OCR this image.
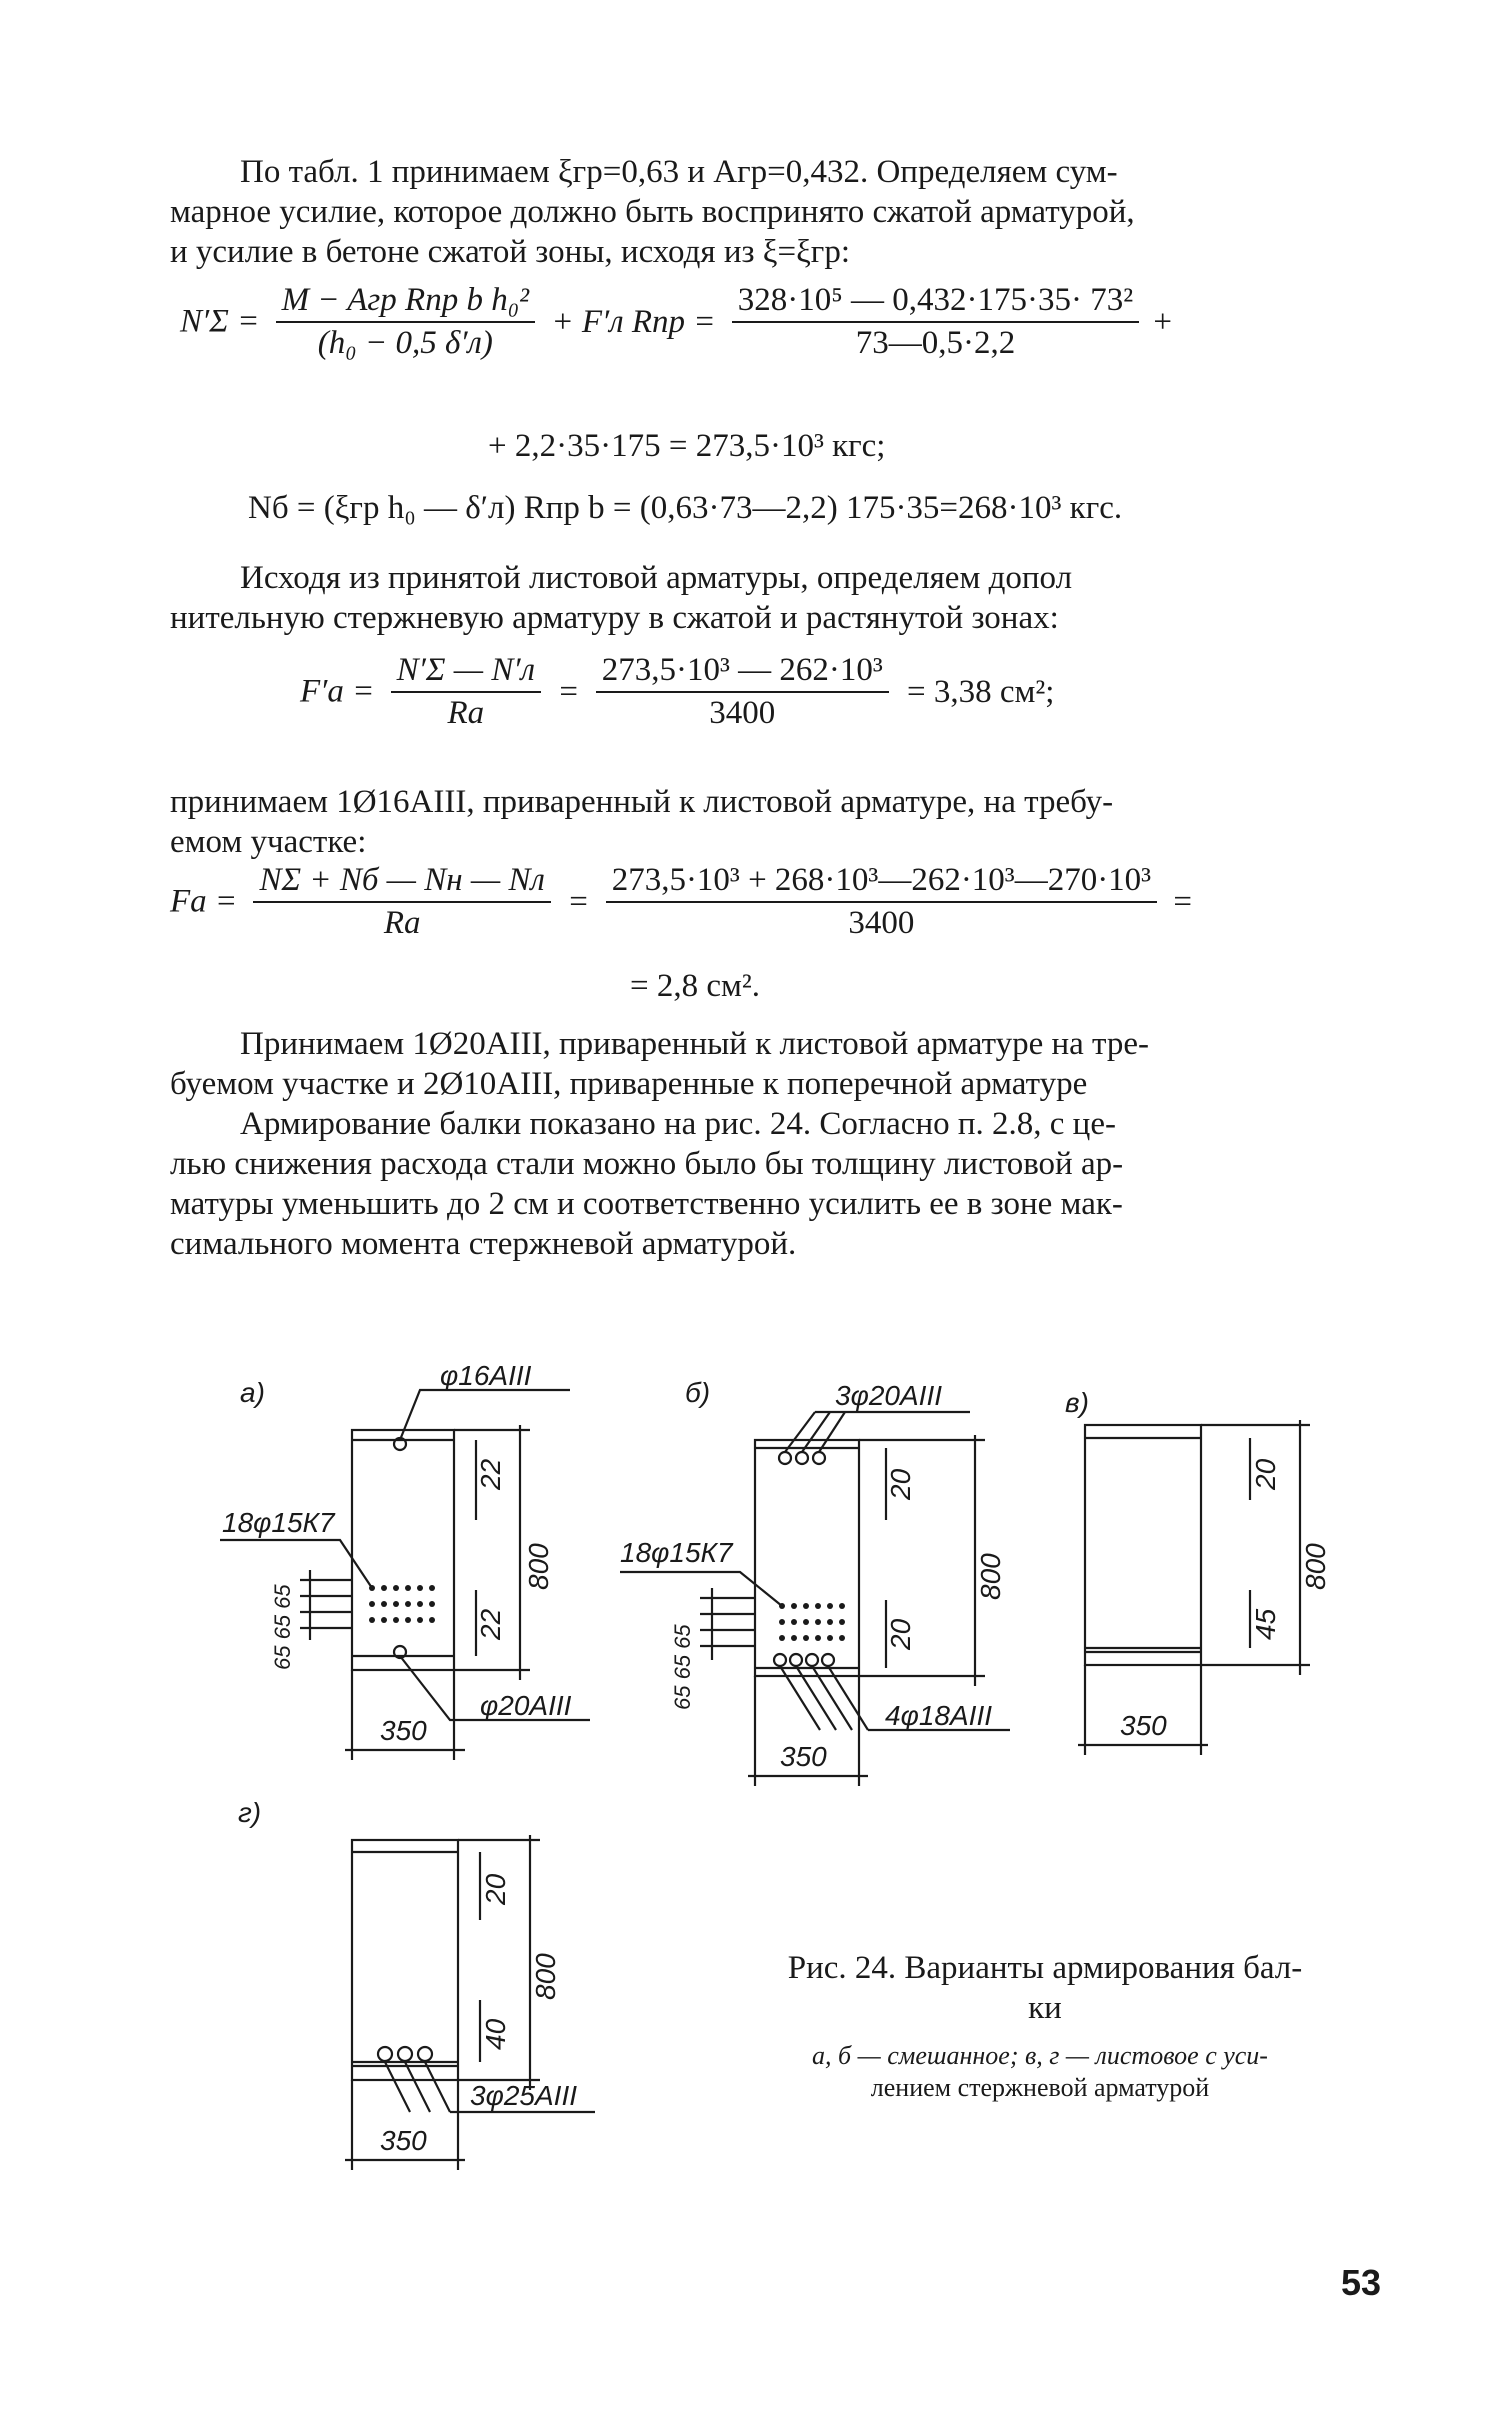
По табл. 1 принимаем ξгр=0,63 и Агр=0,432. Определяем сум-
марное усилие, которое должно быть воспринято сжатой арматурой,
и усилие в бетоне сжатой зоны, исходя из ξ=ξгр:
$N'\Sigma = \frac{\text{M − Aгр Rпр b h₀²}}{\text{(h₀ − 0,5 δ′л)}} + F'л$ Rпр = $\frac{\text{328·10⁵ — 0,432·175·35· 73²}}{73—0,5\cdot 2,2}$ +
+ 2,2·35·175 = 273,5·10³ кгс;
Nб = (ξгр h₀ — δ′л) Rпр b = (0,63·73—2,2) 175·35=268·10³ кгс.
Исходя из принятой листовой арматуры, определяем допол
нительную стержневую арматуру в сжатой и растянутой зонах:
$F'а = \frac{N'\Sigma — N'л}{Rа} = \frac{\text{273,5·10³ — 262·10³}}{3400} = 3,38$ см²;
принимаем 1Ø16АIII, приваренный к листовой арматуре, на требу-
емом участке:
Fа = $\frac{N\Sigma + Nб — Nн — Nл}{Rа} = \frac{\text{273,5·10³ + 268·10³—262·10³—270·10³}}{3400}$ =
= 2,8 см².
Принимаем 1Ø20АIII, приваренный к листовой арматуре на тре-
буемом участке и 2Ø10АIII, приваренные к поперечной арматуре
Армирование балки показано на рис. 24. Согласно п. 2.8, с це-
лью снижения расхода стали можно было бы толщину листовой ар-
матуры уменьшить до 2 см и соответственно усилить ее в зоне мак-
симального момента стержневой арматурой.
а)	б)	в)
г)
φ16АIII
φ20АIII
18φ15К7
350
22
22
800
65 65 65
3φ20АIII
4φ18АIII
18φ15К7
350
20
20
800
65 65 65
20
45
800
350
20
40
800
3φ25АIII
350
Рис. 24. Варианты армирования бал-
ки
а, б — смешанное; в, г — листовое с уси-
лением стержневой арматурой
53
